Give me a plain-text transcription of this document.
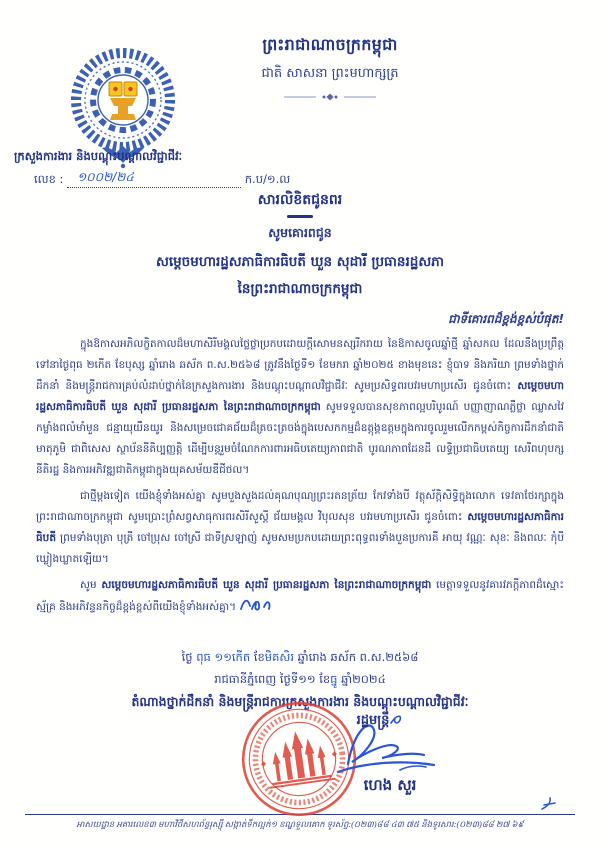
ព្រះរាជាណាចក្រកម្ពុជា
ជាតិ សាសនា ព្រះមហាក្សត្រ
ក្រសួងការងារ និងបណ្ដុះបណ្ដាលវិជ្ជាជីវៈ
លេខ : ១០០២/២៤	ក.ប/១.ល
សារលិខិតជូនពរ
សូមគោរពជូន
សម្ដេចមហារដ្ឋសភាធិការធិបតី ឃួន សុដារី ប្រធានរដ្ឋសភា
នៃព្រះរាជាណាចក្រកម្ពុជា
ជាទីគោរពដ៏ខ្ពង់ខ្ពស់បំផុត!

ក្នុងឱកាសអភិលក្ខិតកាលដ៏មហាសិរីមង្គលថ្លៃថ្លាប្រកបដោយក្ដីសោមនស្សរីករាយ នៃឱកាសចូលឆ្នាំថ្មី ឆ្នាំសកល ដែលនឹងប្រព្រឹត្តទៅនាថ្ងៃពុធ ២កើត ខែបុស្ស ឆ្នាំរោង ឆស័ក ព.ស.២៥៦៨ ត្រូវនឹងថ្ងៃទី១ ខែមករា ឆ្នាំ២០២៥ ខាងមុខនេះ ខ្ញុំបាទ និងភរិយា ព្រមទាំងថ្នាក់ដឹកនាំ និងមន្ត្រីរាជការគ្រប់លំដាប់ថ្នាក់នៃក្រសួងការងារ និងបណ្ដុះបណ្ដាលវិជ្ជាជីវៈ សូមប្រសិទ្ធពរបវរមហាប្រសើរ ជូនចំពោះ សម្ដេចមហារដ្ឋសភាធិការធិបតី ឃួន សុដារី ប្រធានរដ្ឋសភា នៃព្រះរាជាណាចក្រកម្ពុជា សូមទទួលបានសុខភាពល្អបរិបូរណ៍ បញ្ញាញាណភ្លឺថ្លា ឈ្លាសវៃ កម្លាំងពលំមាំមួន ជន្មាយុយឺនយូរ និងសម្រេចជោគជ័យដ៏ត្រចះត្រចង់ក្នុងបេសកកម្មដ៏ឧត្ដុង្គឧត្ដមក្នុងការចូលរួមលើកកម្ពស់កិច្ចការដឹកនាំជាតិមាតុភូមិ ជាពិសេស ស្ថាប័ននីតិប្បញ្ញត្តិ ដើម្បីបន្តរួមចំណែកការពារអធិបតេយ្យភាពជាតិ បូរណភាពដែនដី លទ្ធិប្រជាធិបតេយ្យ សេរីពហុបក្ស នីតិរដ្ឋ និងការអភិវឌ្ឍជាតិកម្ពុជាក្នុងយុគសម័យឌីជីថល។

ជាថ្មីម្ដងទៀត យើងខ្ញុំទាំងអស់គ្នា សូមបួងសួងដល់គុណបុណ្យព្រះរតនត្រ័យ កែវទាំងបី វត្ថុស័ក្ដិសិទ្ធិក្នុងលោក ទេវតាថែរក្សាក្នុងព្រះរាជាណាចក្រកម្ពុជា សូមប្រោះព្រំសព្វសាធុការពរសិរីសួស្ដី ជ័យមង្គល វិបុលសុខ បវរមហាប្រសើរ ជូនចំពោះ សម្ដេចមហារដ្ឋសភាធិការធិបតី ព្រមទាំងបុត្រា បុត្រី ចៅប្រុស ចៅស្រី ជាទីស្រឡាញ់ សូមសមប្រកបដោយព្រះពុទ្ធពរទាំងបួនប្រការគឺ អាយុ វណ្ណៈ សុខៈ និងពលៈ កុំបីឃ្លៀងឃ្លាតឡើយ។

សូម សម្ដេចមហារដ្ឋសភាធិការធិបតី ឃួន សុដារី ប្រធានរដ្ឋសភា នៃព្រះរាជាណាចក្រកម្ពុជា មេត្ដាទទួលនូវគារវភក្ដីភាពដ៏ស្មោះស្ម័គ្រ និងអភិវន្ទនកិច្ចដ៏ខ្ពង់ខ្ពស់ពីយើងខ្ញុំទាំងអស់គ្នា។

ថ្ងៃ ពុធ ១១កើត ខែមិគសិរ ឆ្នាំរោង ឆស័ក ព.ស.២៥៦៨
រាជធានីភ្នំពេញ ថ្ងៃទី១១ ខែធ្នូ ឆ្នាំ២០២៤
តំណាងថ្នាក់ដឹកនាំ និងមន្ត្រីរាជការក្រសួងការងារ និងបណ្ដុះបណ្ដាលវិជ្ជាជីវៈ
រដ្ឋមន្ត្រី
ហេង សួរ
អាសយដ្ឋាន អគារលេខ៣ មហាវិថីសហព័ន្ធរុស្ស៊ី សង្កាត់ទឹកល្អក់១ ខណ្ឌទួលគោក ទូរស័ព្ទ:(០២៣)៨៨ ៤៣ ៧៥ និងទូរសារ:(០២៣)៨៨ ២៧ ៦៩
